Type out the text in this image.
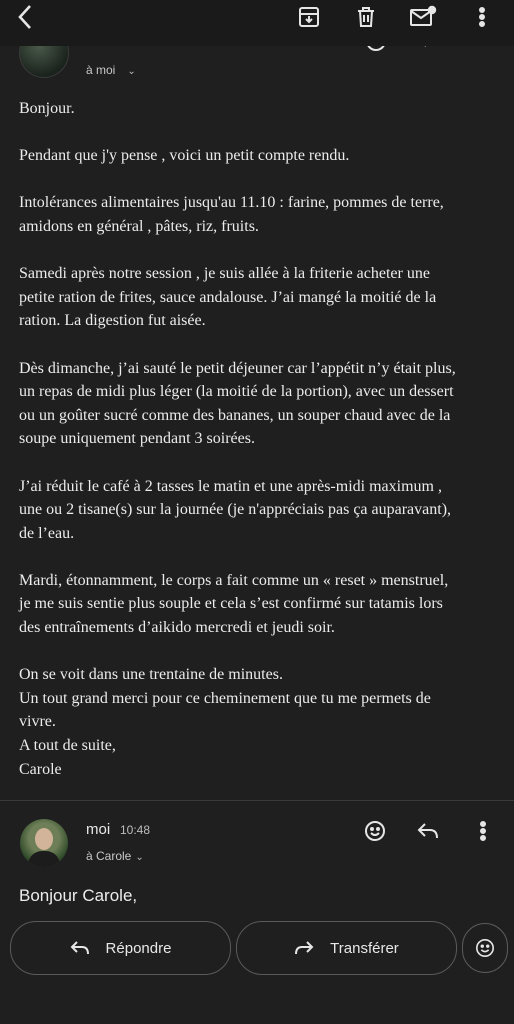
à moi ⌄

Bonjour.

Pendant que j'y pense , voici un petit compte rendu.

Intolérances alimentaires jusqu'au 11.10 : farine, pommes de terre,
amidons en général , pâtes, riz, fruits.

Samedi après notre session , je suis allée à la friterie acheter une
petite ration de frites, sauce andalouse. J’ai mangé la moitié de la
ration. La digestion fut aisée.

Dès dimanche, j’ai sauté le petit déjeuner car l’appétit n’y était plus,
un repas de midi plus léger (la moitié de la portion), avec un dessert
ou un goûter sucré comme des bananes, un souper chaud avec de la
soupe uniquement pendant 3 soirées.

J’ai réduit le café à 2 tasses le matin et une après-midi maximum ,
une ou 2 tisane(s) sur la journée (je n'appréciais pas ça auparavant),
de l’eau.

Mardi, étonnamment, le corps a fait comme un « reset » menstruel,
je me suis sentie plus souple et cela s’est confirmé sur tatamis lors
des entraînements d’aikido mercredi et jeudi soir.

On se voit dans une trentaine de minutes.
Un tout grand merci pour ce cheminement que tu me permets de
vivre.
A tout de suite,
Carole

moi 10:48
à Carole ⌄
Bonjour Carole,
Répondre	Transférer
